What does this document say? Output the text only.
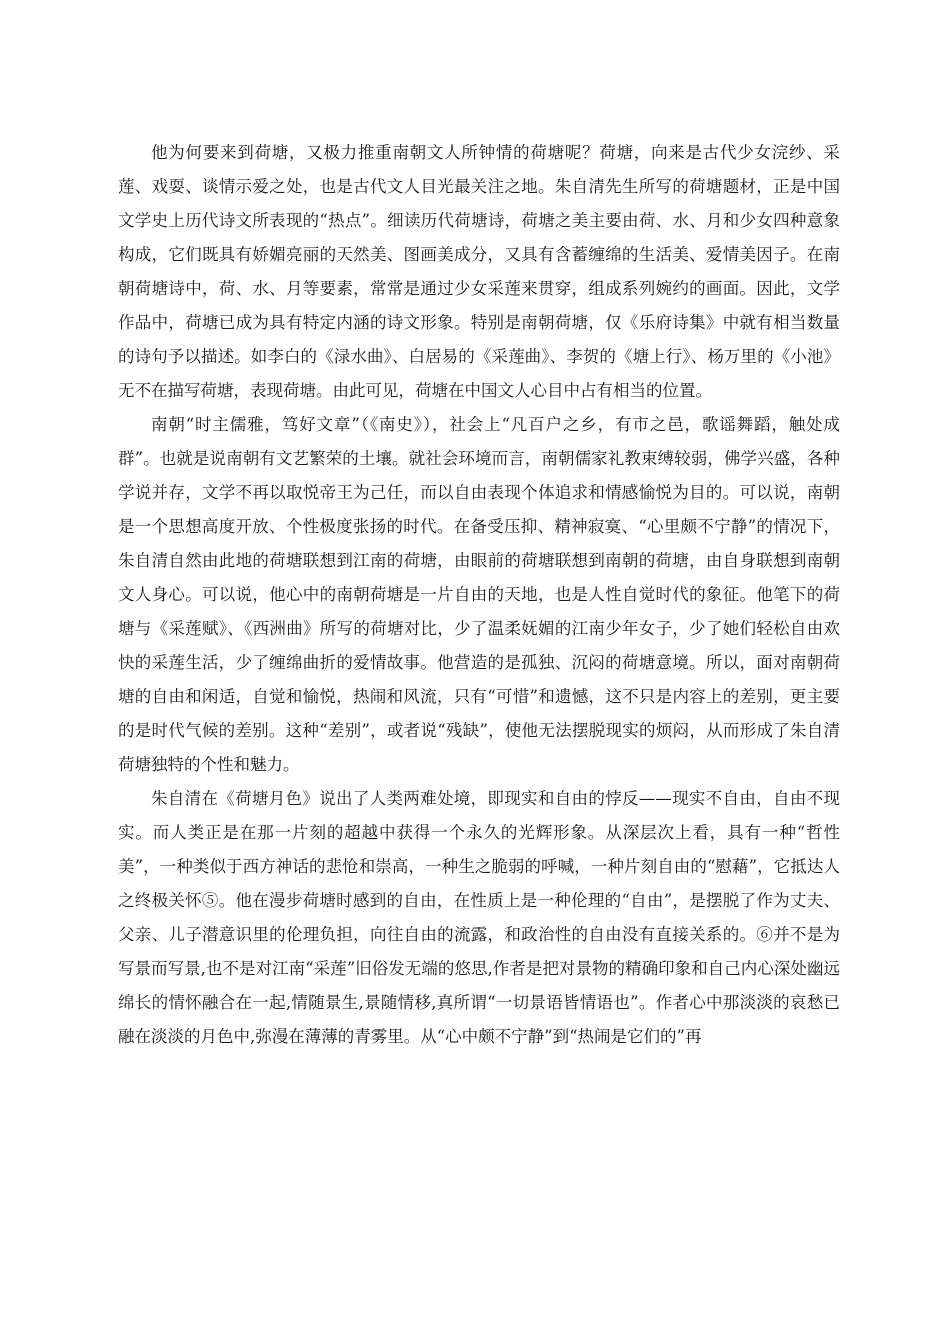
他为何要来到荷塘，又极力推重南朝文人所钟情的荷塘呢？荷塘，向来是古代少女浣纱、采莲、戏耍、谈情示爱之处，也是古代文人目光最关注之地。朱自清先生所写的荷塘题材，正是中国文学史上历代诗文所表现的“热点”。细读历代荷塘诗，荷塘之美主要由荷、水、月和少女四种意象构成，它们既具有娇媚亮丽的天然美、图画美成分，又具有含蓄缠绵的生活美、爱情美因子。在南朝荷塘诗中，荷、水、月等要素，常常是通过少女采莲来贯穿，组成系列婉约的画面。因此，文学作品中，荷塘已成为具有特定内涵的诗文形象。特别是南朝荷塘，仅《乐府诗集》中就有相当数量的诗句予以描述。如李白的《渌水曲》、白居易的《采莲曲》、李贺的《塘上行》、杨万里的《小池》无不在描写荷塘，表现荷塘。由此可见，荷塘在中国文人心目中占有相当的位置。

南朝“时主儒雅，笃好文章”（《南史》），社会上“凡百户之乡，有市之邑，歌谣舞蹈，触处成群”。也就是说南朝有文艺繁荣的土壤。就社会环境而言，南朝儒家礼教束缚较弱，佛学兴盛，各种学说并存，文学不再以取悦帝王为己任，而以自由表现个体追求和情感愉悦为目的。可以说，南朝是一个思想高度开放、个性极度张扬的时代。在备受压抑、精神寂寞、“心里颇不宁静”的情况下，朱自清自然由此地的荷塘联想到江南的荷塘，由眼前的荷塘联想到南朝的荷塘，由自身联想到南朝文人身心。可以说，他心中的南朝荷塘是一片自由的天地，也是人性自觉时代的象征。他笔下的荷塘与《采莲赋》、《西洲曲》所写的荷塘对比，少了温柔妩媚的江南少年女子，少了她们轻松自由欢快的采莲生活，少了缠绵曲折的爱情故事。他营造的是孤独、沉闷的荷塘意境。所以，面对南朝荷塘的自由和闲适，自觉和愉悦，热闹和风流，只有“可惜”和遗憾，这不只是内容上的差别，更主要的是时代气候的差别。这种“差别”，或者说“残缺”，使他无法摆脱现实的烦闷，从而形成了朱自清荷塘独特的个性和魅力。

朱自清在《荷塘月色》说出了人类两难处境，即现实和自由的悖反——现实不自由，自由不现实。而人类正是在那一片刻的超越中获得一个永久的光辉形象。从深层次上看，具有一种“哲性美”，一种类似于西方神话的悲怆和崇高，一种生之脆弱的呼喊，一种片刻自由的“慰藉”，它抵达人之终极关怀⑤。他在漫步荷塘时感到的自由，在性质上是一种伦理的“自由”，是摆脱了作为丈夫、父亲、儿子潜意识里的伦理负担，向往自由的流露，和政治性的自由没有直接关系的。⑥并不是为写景而写景,也不是对江南“采莲”旧俗发无端的悠思,作者是把对景物的精确印象和自己内心深处幽远绵长的情怀融合在一起,情随景生,景随情移,真所谓“一切景语皆情语也”。作者心中那淡淡的哀愁已融在淡淡的月色中,弥漫在薄薄的青雾里。从“心中颇不宁静”到“热闹是它们的”再
